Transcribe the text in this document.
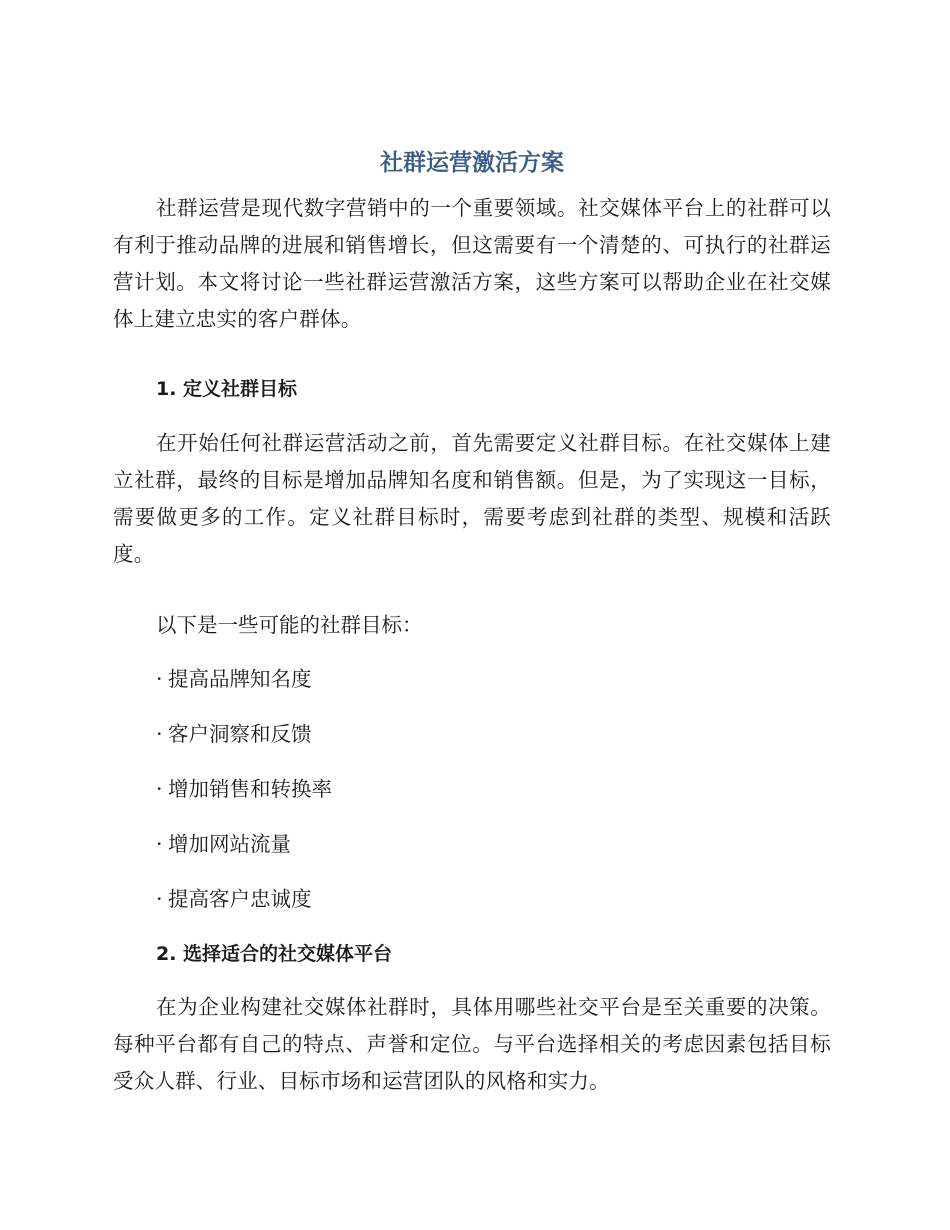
社群运营激活方案

社群运营是现代数字营销中的一个重要领域。社交媒体平台上的社群可以有利于推动品牌的进展和销售增长，但这需要有一个清楚的、可执行的社群运营计划。本文将讨论一些社群运营激活方案，这些方案可以帮助企业在社交媒体上建立忠实的客户群体。

1. 定义社群目标

在开始任何社群运营活动之前，首先需要定义社群目标。在社交媒体上建立社群，最终的目标是增加品牌知名度和销售额。但是，为了实现这一目标，需要做更多的工作。定义社群目标时，需要考虑到社群的类型、规模和活跃度。

以下是一些可能的社群目标：

· 提高品牌知名度

· 客户洞察和反馈

· 增加销售和转换率

· 增加网站流量

· 提高客户忠诚度

2. 选择适合的社交媒体平台

在为企业构建社交媒体社群时，具体用哪些社交平台是至关重要的决策。每种平台都有自己的特点、声誉和定位。与平台选择相关的考虑因素包括目标受众人群、行业、目标市场和运营团队的风格和实力。
